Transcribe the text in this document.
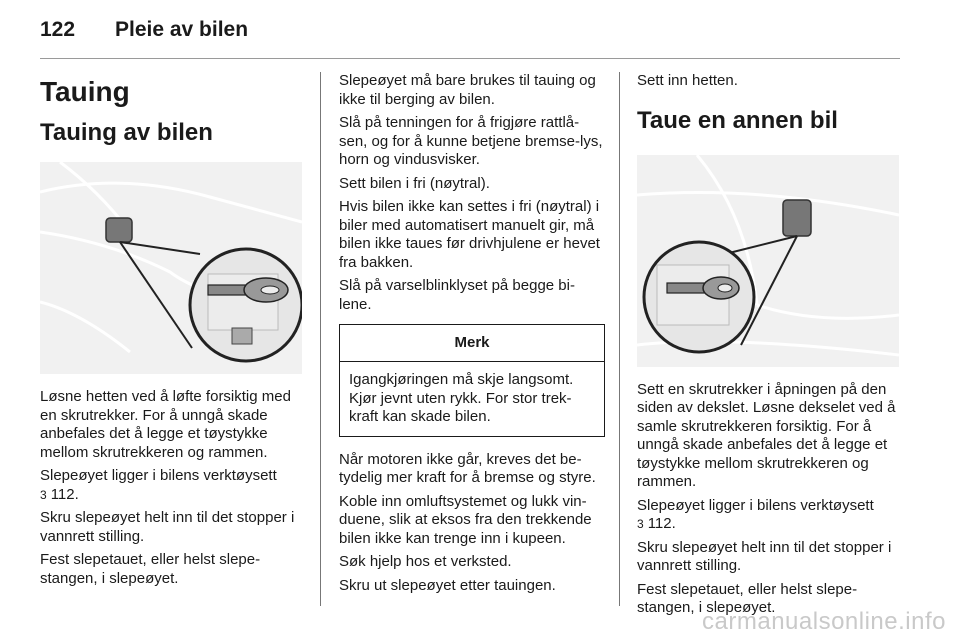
122	Pleie av bilen
Tauing
Tauing av bilen

Løsne hetten ved å løfte forsiktig med en skrutrekker. For å unngå skade anbefales det å legge et tøystykke mellom skrutrekkeren og rammen.

Slepeøyet ligger i bilens verktøysett
3 112.

Skru slepeøyet helt inn til det stopper i vannrett stilling.

Fest slepetauet, eller helst slepe-stangen, i slepeøyet.

Slepeøyet må bare brukes til tauing og ikke til berging av bilen.

Slå på tenningen for å frigjøre rattlå-sen, og for å kunne betjene bremse-lys, horn og vindusvisker.

Sett bilen i fri (nøytral).

Hvis bilen ikke kan settes i fri (nøytral) i biler med automatisert manuelt gir, må bilen ikke taues før drivhjulene er hevet fra bakken.

Slå på varselblinklyset på begge bi-lene.

Merk
Igangkjøringen må skje langsomt. Kjør jevnt uten rykk. For stor trek-kraft kan skade bilen.

Når motoren ikke går, kreves det be-tydelig mer kraft for å bremse og styre.

Koble inn omluftsystemet og lukk vin-duene, slik at eksos fra den trekkende bilen ikke kan trenge inn i kupeen.

Søk hjelp hos et verksted.

Skru ut slepeøyet etter tauingen.

Sett inn hetten.

Taue en annen bil

Sett en skrutrekker i åpningen på den siden av dekslet. Løsne dekselet ved å samle skrutrekkeren forsiktig. For å unngå skade anbefales det å legge et tøystykke mellom skrutrekkeren og rammen.

Slepeøyet ligger i bilens verktøysett
3 112.

Skru slepeøyet helt inn til det stopper i vannrett stilling.

Fest slepetauet, eller helst slepe-stangen, i slepeøyet.

carmanualsonline.info
